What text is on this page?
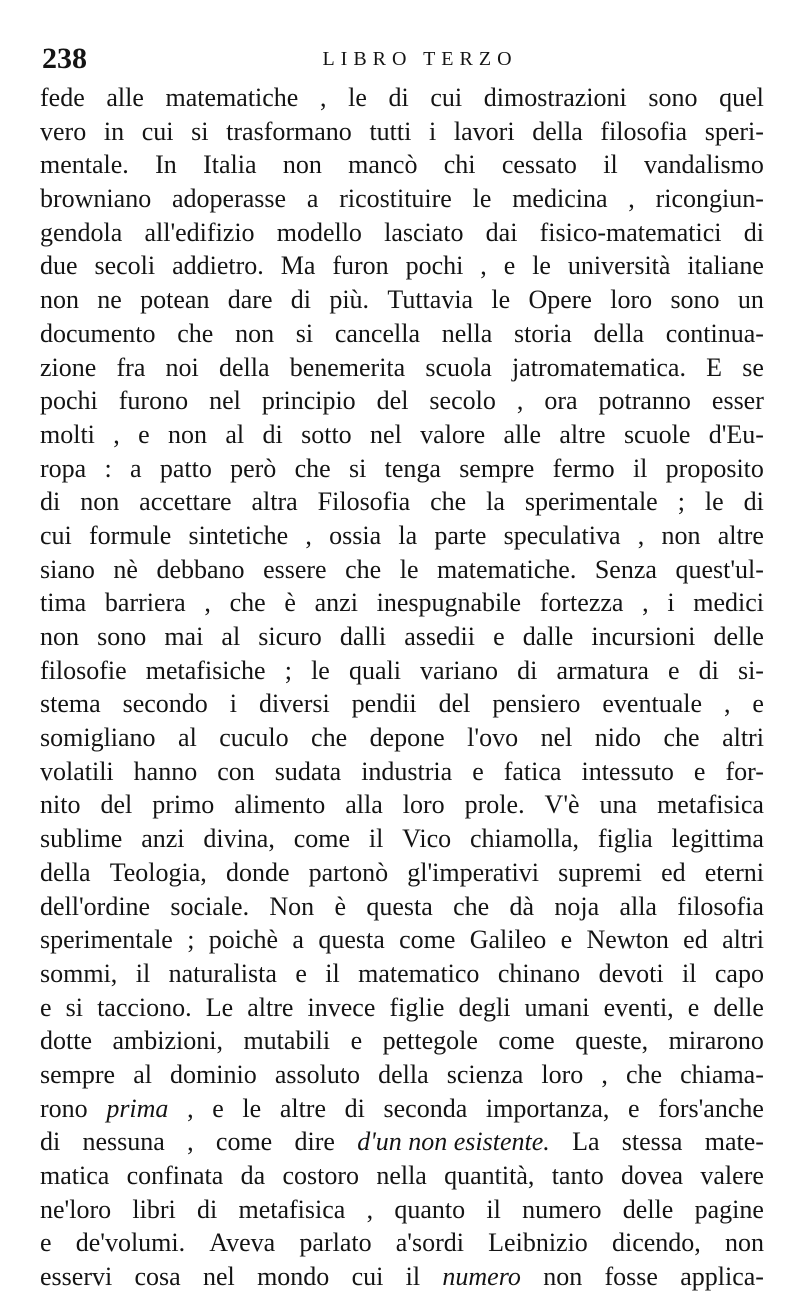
238	LIBRO TERZO
fede alle matematiche , le di cui dimostrazioni sono quel
vero in cui si trasformano tutti i lavori della filosofia speri-
mentale. In Italia non mancò chi cessato il vandalismo
browniano adoperasse a ricostituire le medicina , ricongiun-
gendola all'edifizio modello lasciato dai fisico-matematici di
due secoli addietro. Ma furon pochi , e le università italiane
non ne potean dare di più. Tuttavia le Opere loro sono un
documento che non si cancella nella storia della continua-
zione fra noi della benemerita scuola jatromatematica. E se
pochi furono nel principio del secolo , ora potranno esser
molti , e non al di sotto nel valore alle altre scuole d'Eu-
ropa : a patto però che si tenga sempre fermo il proposito
di non accettare altra Filosofia che la sperimentale ; le di
cui formule sintetiche , ossia la parte speculativa , non altre
siano nè debbano essere che le matematiche. Senza quest'ul-
tima barriera , che è anzi inespugnabile fortezza , i medici
non sono mai al sicuro dalli assedii e dalle incursioni delle
filosofie metafisiche ; le quali variano di armatura e di si-
stema secondo i diversi pendii del pensiero eventuale , e
somigliano al cuculo che depone l'ovo nel nido che altri
volatili hanno con sudata industria e fatica intessuto e for-
nito del primo alimento alla loro prole. V'è una metafisica
sublime anzi divina, come il Vico chiamolla, figlia legittima
della Teologia, donde partonò gl'imperativi supremi ed eterni
dell'ordine sociale. Non è questa che dà noja alla filosofia
sperimentale ; poichè a questa come Galileo e Newton ed altri
sommi, il naturalista e il matematico chinano devoti il capo
e si tacciono. Le altre invece figlie degli umani eventi, e delle
dotte ambizioni, mutabili e pettegole come queste, mirarono
sempre al dominio assoluto della scienza loro , che chiama-
rono prima , e le altre di seconda importanza, e fors'anche
di nessuna , come dire d'un non esistente. La stessa mate-
matica confinata da costoro nella quantità, tanto dovea valere
ne'loro libri di metafisica , quanto il numero delle pagine
e de'volumi. Aveva parlato a'sordi Leibnizio dicendo, non
esservi cosa nel mondo cui il numero non fosse applica-
